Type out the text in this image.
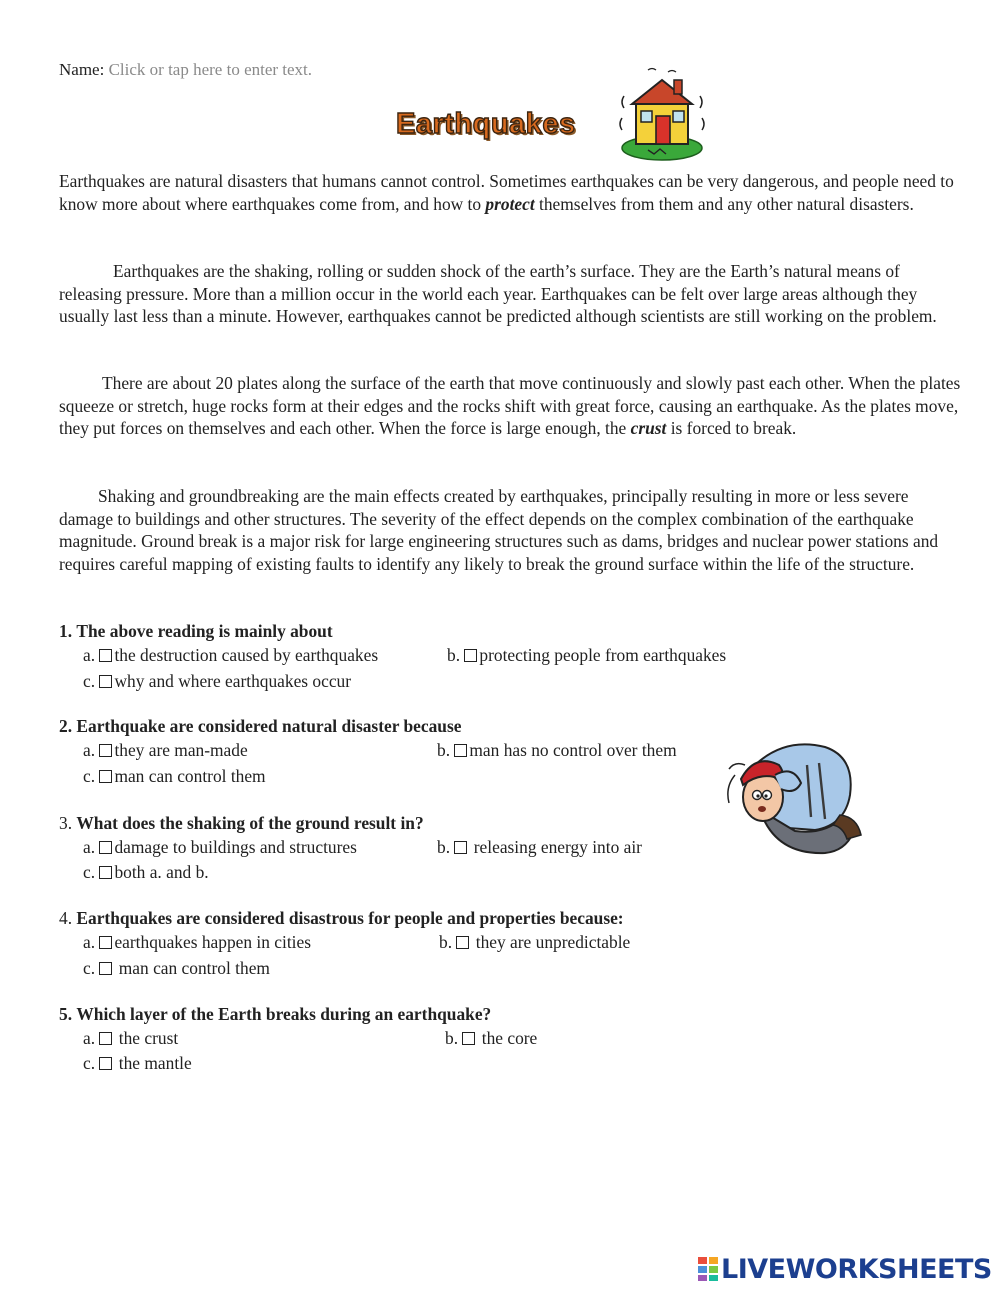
Name: Click or tap here to enter text.
Earthquakes

Earthquakes are natural disasters that humans cannot control. Sometimes earthquakes can be very dangerous, and people need to know more about where earthquakes come from, and how to protect themselves from them and any other natural disasters.

Earthquakes are the shaking, rolling or sudden shock of the earth’s surface. They are the Earth’s natural means of releasing pressure. More than a million occur in the world each year. Earthquakes can be felt over large areas although they usually last less than a minute. However, earthquakes cannot be predicted although scientists are still working on the problem.

There are about 20 plates along the surface of the earth that move continuously and slowly past each other. When the plates squeeze or stretch, huge rocks form at their edges and the rocks shift with great force, causing an earthquake. As the plates move, they put forces on themselves and each other. When the force is large enough, the crust is forced to break.

Shaking and groundbreaking are the main effects created by earthquakes, principally resulting in more or less severe damage to buildings and other structures. The severity of the effect depends on the complex combination of the earthquake magnitude. Ground break is a major risk for large engineering structures such as dams, bridges and nuclear power stations and requires careful mapping of existing faults to identify any likely to break the ground surface within the life of the structure.

1. The above reading is mainly about
a. the destruction caused by earthquakes	b. protecting people from earthquakes
c. why and where earthquakes occur
2. Earthquake are considered natural disaster because
a. they are man-made	b. man has no control over them
c. man can control them
3. What does the shaking of the ground result in?
a. damage to buildings and structures	b.  releasing energy into air
c. both a. and b.
4. Earthquakes are considered disastrous for people and properties because:
a. earthquakes happen in cities	b.  they are unpredictable
c.  man can control them
5. Which layer of the Earth breaks during an earthquake?
a.  the crust	b.  the core
c.  the mantle
LIVEWORKSHEETS
